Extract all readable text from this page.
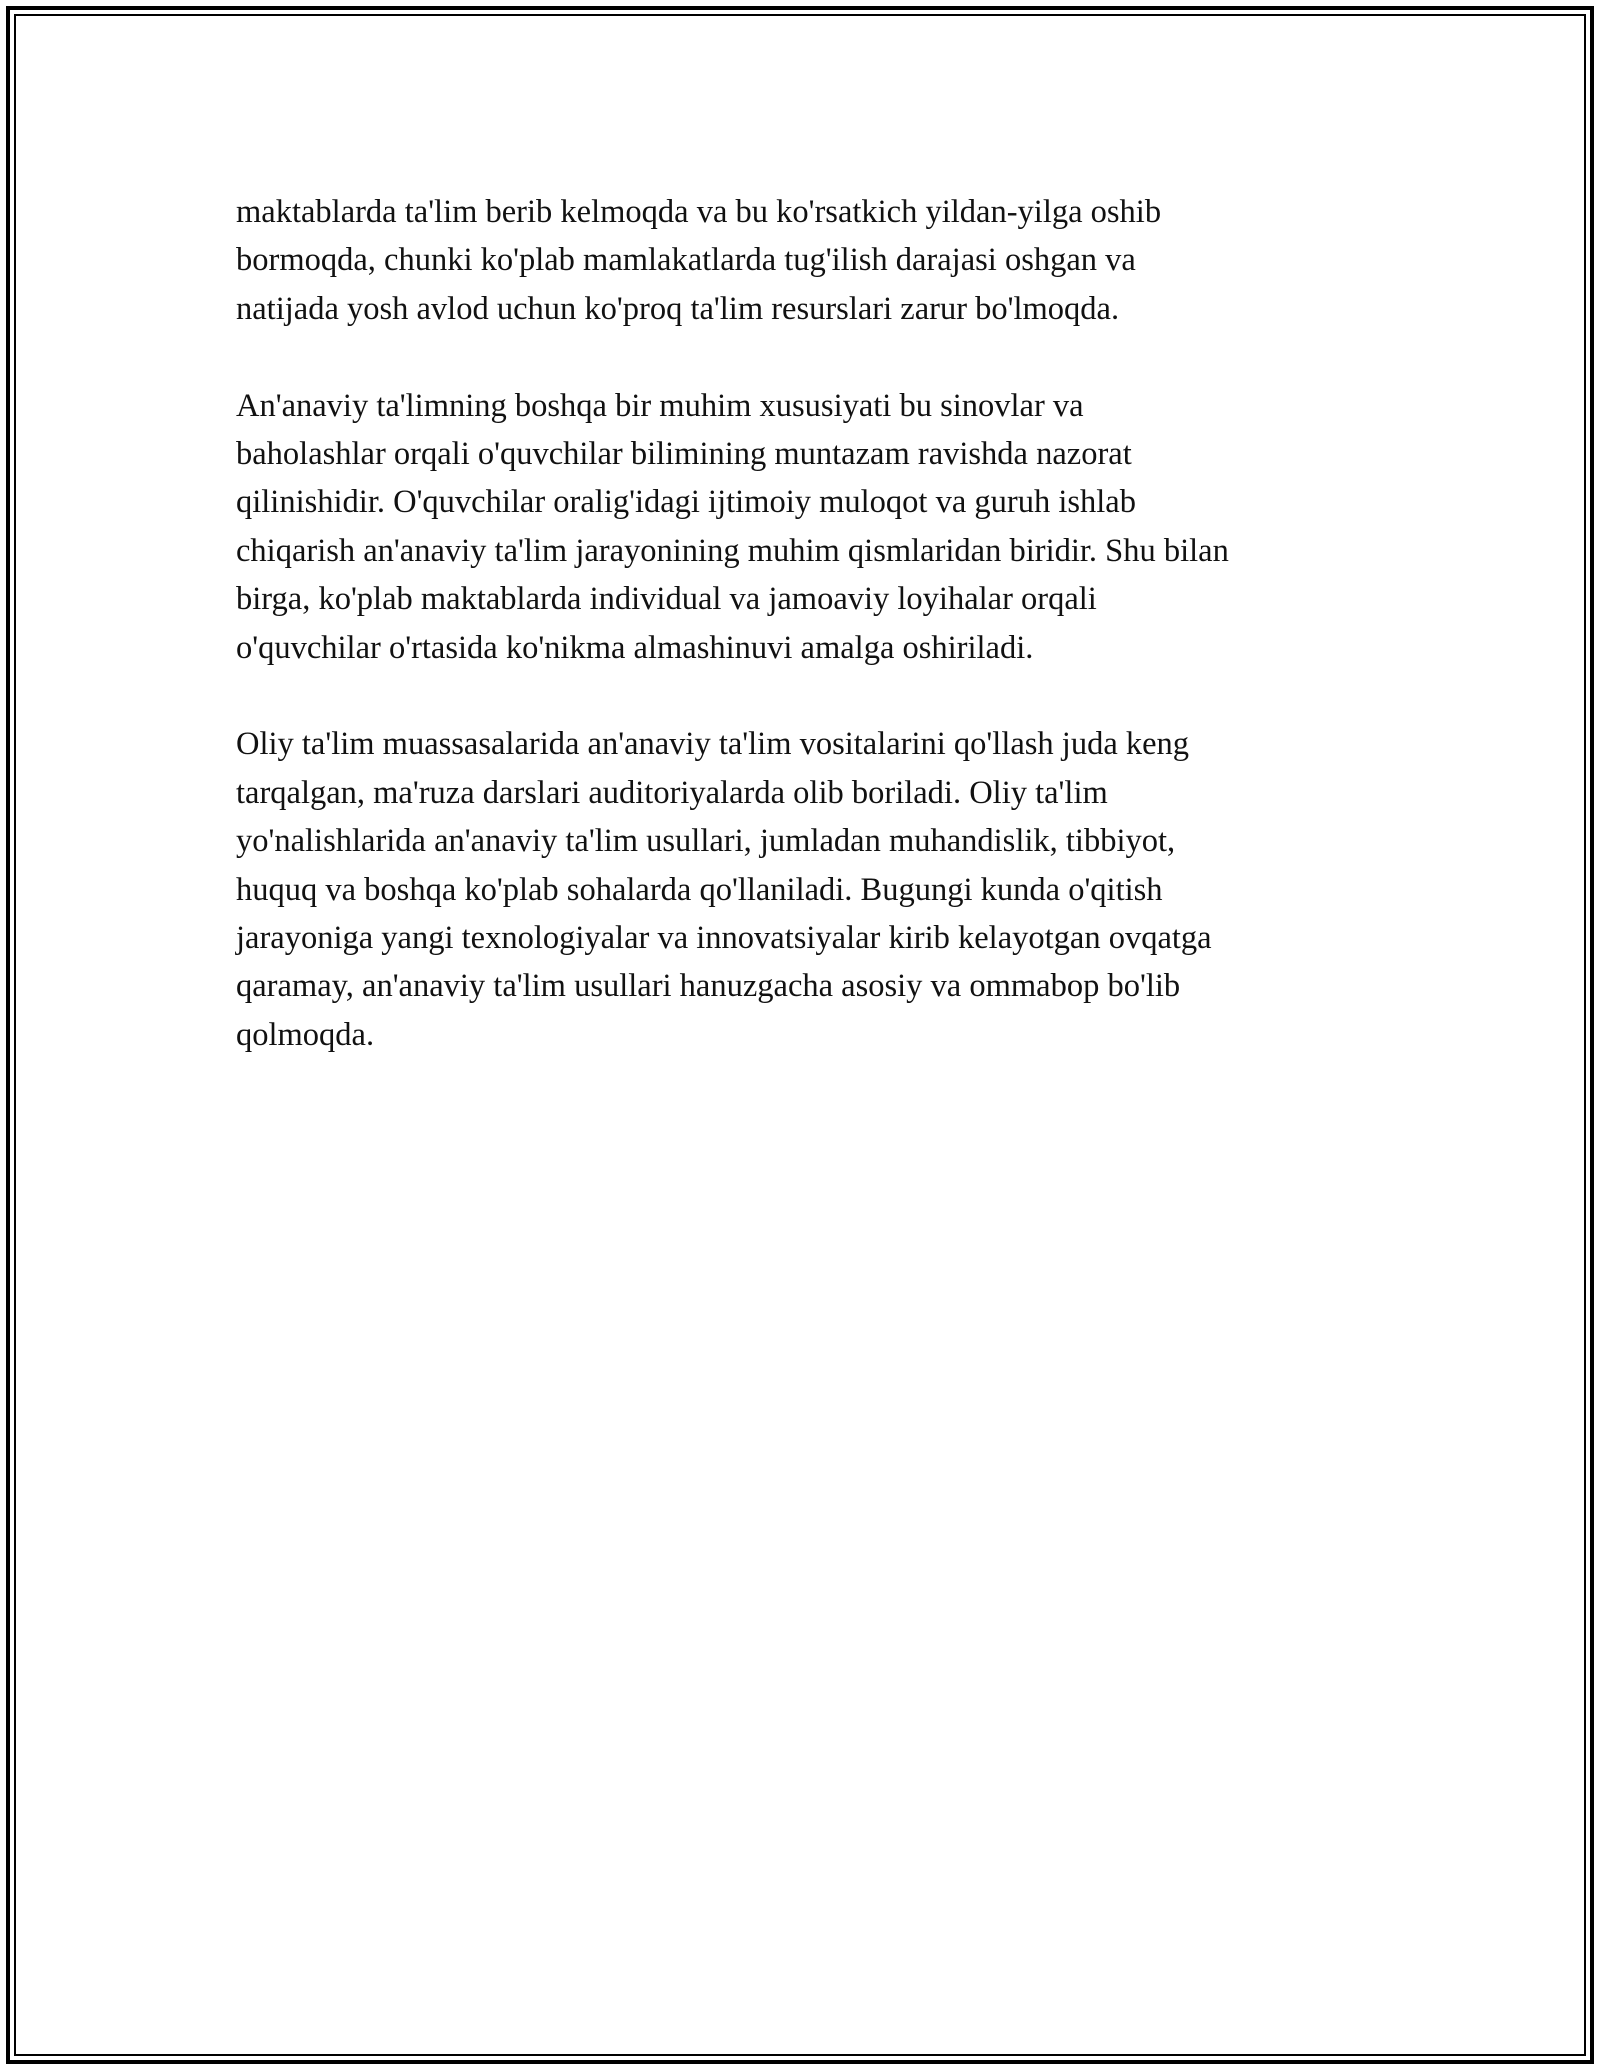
maktablarda ta'lim berib kelmoqda va bu ko'rsatkich yildan-yilga oshib
bormoqda, chunki ko'plab mamlakatlarda tug'ilish darajasi oshgan va
natijada yosh avlod uchun ko'proq ta'lim resurslari zarur bo'lmoqda.

An'anaviy ta'limning boshqa bir muhim xususiyati bu sinovlar va
baholashlar orqali o'quvchilar bilimining muntazam ravishda nazorat
qilinishidir. O'quvchilar oralig'idagi ijtimoiy muloqot va guruh ishlab
chiqarish an'anaviy ta'lim jarayonining muhim qismlaridan biridir. Shu bilan
birga, ko'plab maktablarda individual va jamoaviy loyihalar orqali
o'quvchilar o'rtasida ko'nikma almashinuvi amalga oshiriladi.

Oliy ta'lim muassasalarida an'anaviy ta'lim vositalarini qo'llash juda keng
tarqalgan, ma'ruza darslari auditoriyalarda olib boriladi. Oliy ta'lim
yo'nalishlarida an'anaviy ta'lim usullari, jumladan muhandislik, tibbiyot,
huquq va boshqa ko'plab sohalarda qo'llaniladi. Bugungi kunda o'qitish
jarayoniga yangi texnologiyalar va innovatsiyalar kirib kelayotgan ovqatga
qaramay, an'anaviy ta'lim usullari hanuzgacha asosiy va ommabop bo'lib
qolmoqda.
